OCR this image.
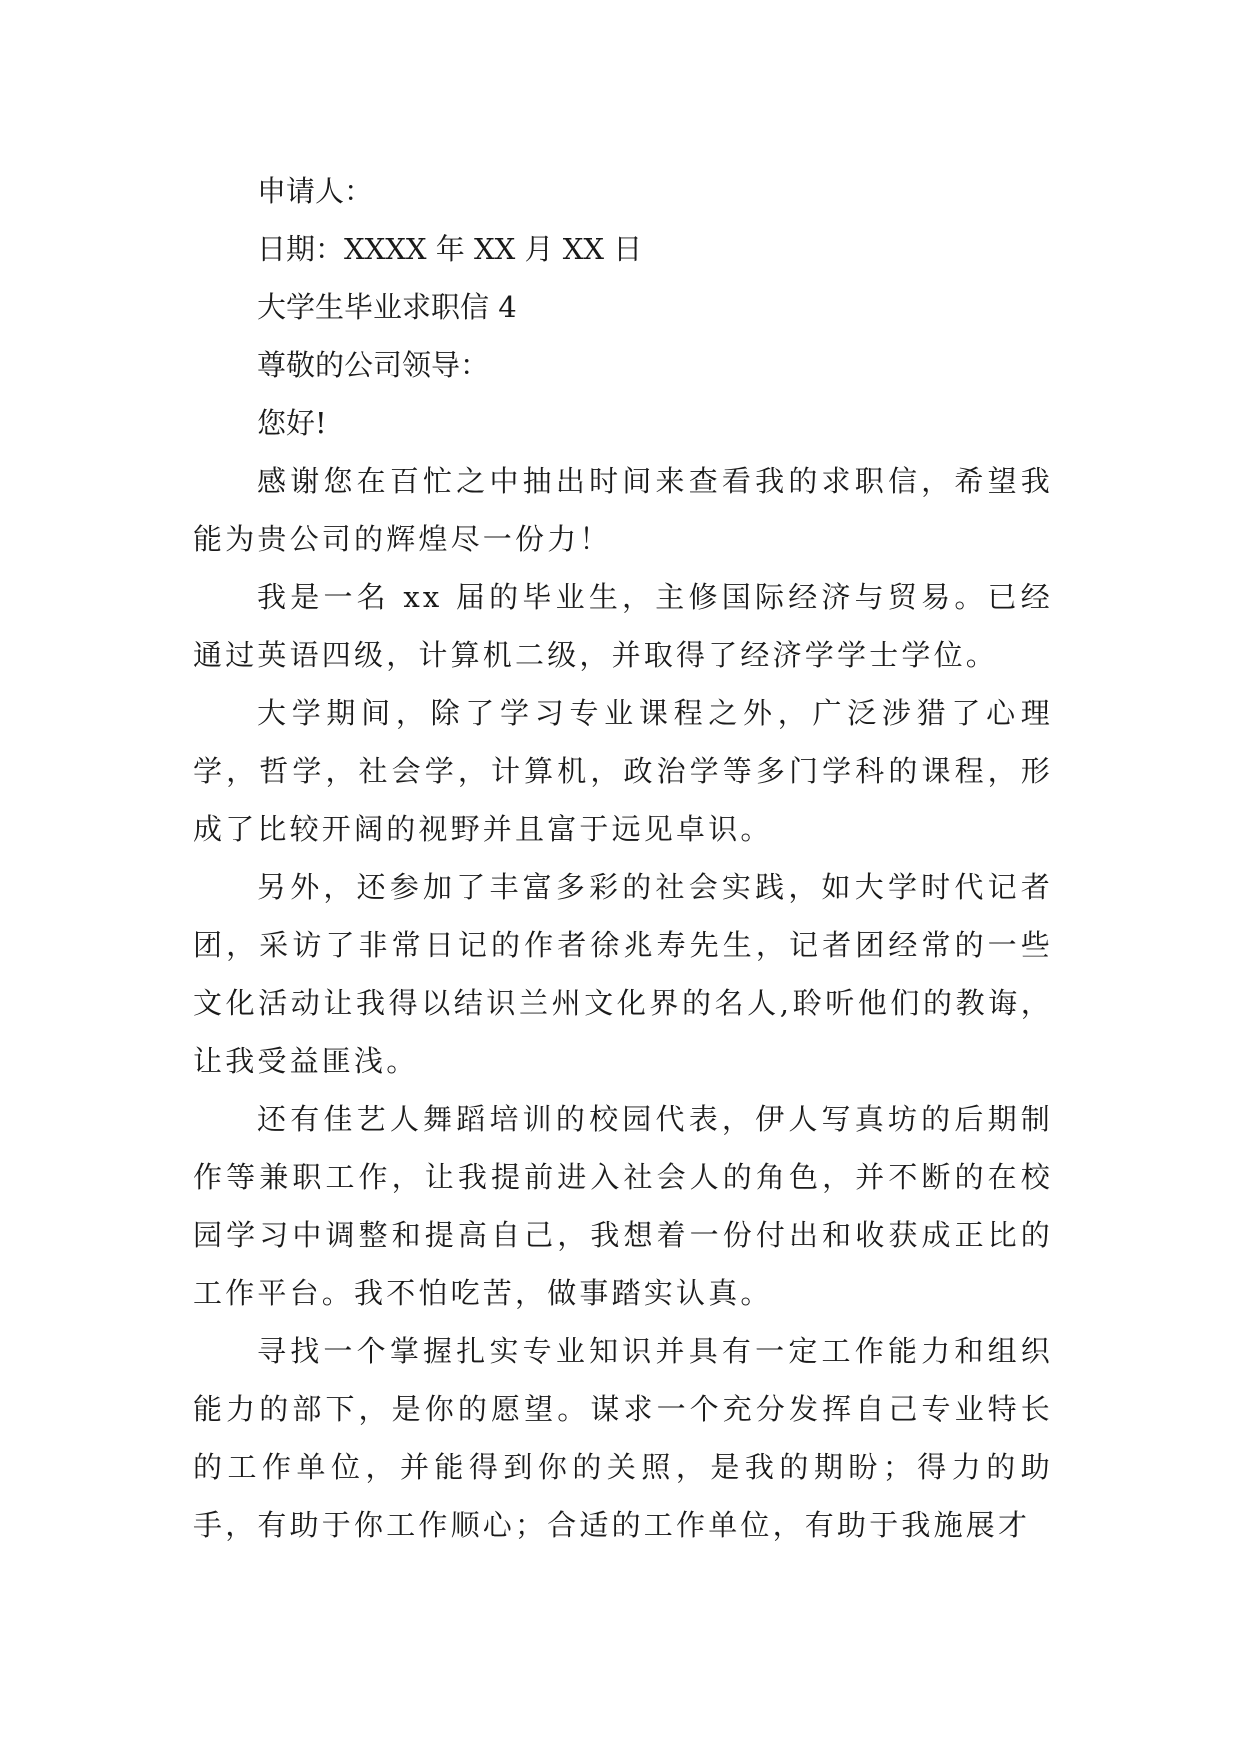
申请人：

日期：XXXX 年 XX 月 XX 日

大学生毕业求职信 4

尊敬的公司领导：

您好!

感谢您在百忙之中抽出时间来查看我的求职信，希望我能为贵公司的辉煌尽一份力！

我是一名 xx 届的毕业生，主修国际经济与贸易。已经通过英语四级，计算机二级，并取得了经济学学士学位。

大学期间，除了学习专业课程之外，广泛涉猎了心理学，哲学，社会学，计算机，政治学等多门学科的课程，形成了比较开阔的视野并且富于远见卓识。

另外，还参加了丰富多彩的社会实践，如大学时代记者团，采访了非常日记的作者徐兆寿先生，记者团经常的一些文化活动让我得以结识兰州文化界的名人,聆听他们的教诲，让我受益匪浅。

还有佳艺人舞蹈培训的校园代表，伊人写真坊的后期制作等兼职工作，让我提前进入社会人的角色，并不断的在校园学习中调整和提高自己，我想着一份付出和收获成正比的工作平台。我不怕吃苦，做事踏实认真。

寻找一个掌握扎实专业知识并具有一定工作能力和组织能力的部下，是你的愿望。谋求一个充分发挥自己专业特长的工作单位，并能得到你的关照，是我的期盼；得力的助手，有助于你工作顺心；合适的工作单位，有助于我施展才
